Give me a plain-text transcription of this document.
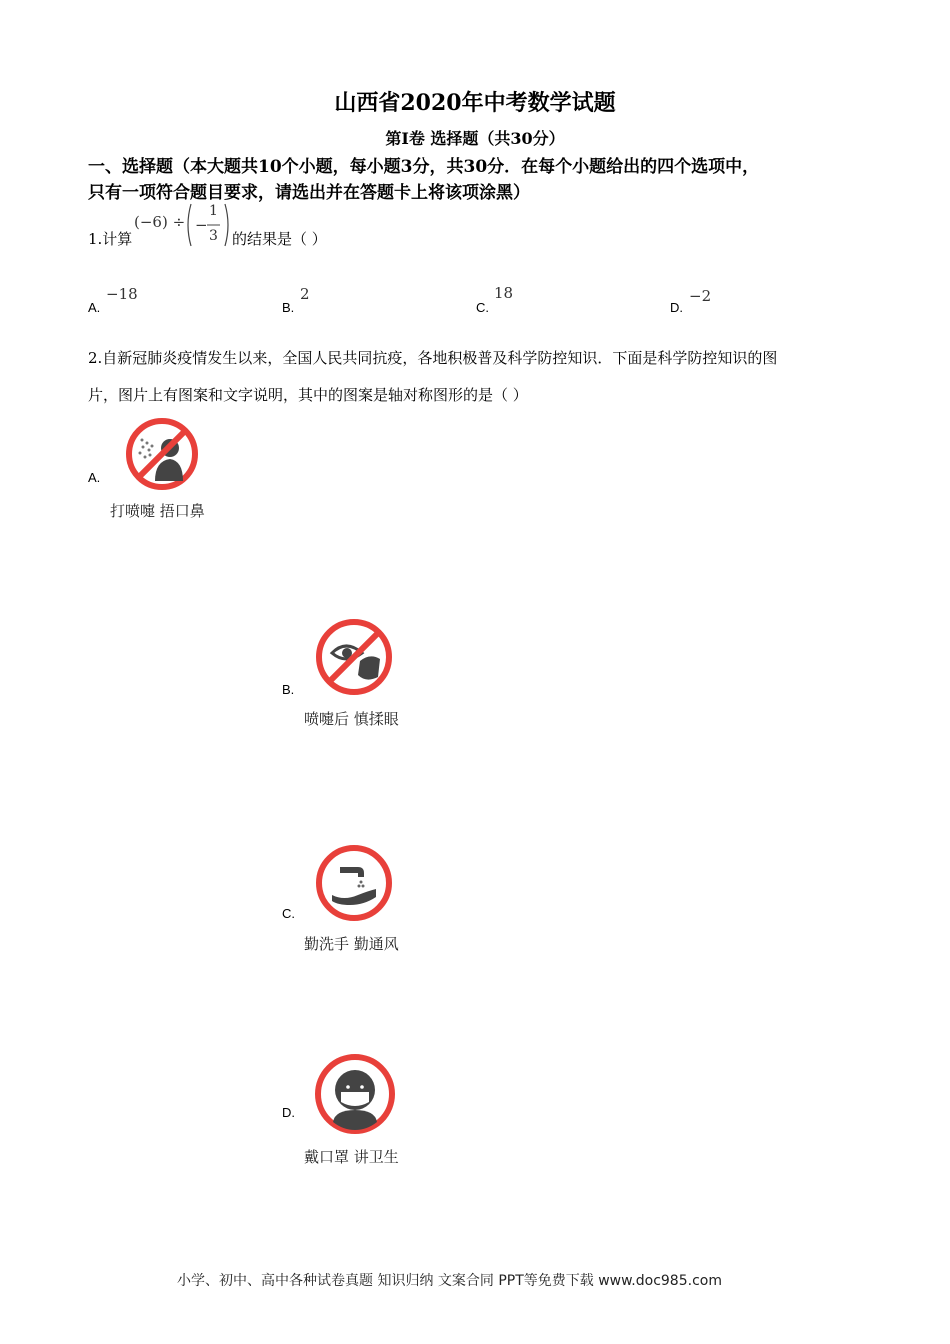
山西省2020年中考数学试题
第I卷 选择题（共30分）
一、选择题（本大题共10个小题，每小题3分，共30分．在每个小题给出的四个选项中，
只有一项符合题目要求，请选出并在答题卡上将该项涂黑）
1.计算
(−6) ÷ −
1
3 的结果是（ ）
A.
−18
B.
2
C.
18
D.
−2
2.自新冠肺炎疫情发生以来，全国人民共同抗疫，各地积极普及科学防控知识．下面是科学防控知识的图
片，图片上有图案和文字说明，其中的图案是轴对称图形的是（ ）
A.
打喷嚏 捂口鼻
B.
喷嚏后 慎揉眼
C.
勤洗手 勤通风
D.
戴口罩 讲卫生
小学、初中、高中各种试卷真题 知识归纳 文案合同 PPT等免费下载 www.doc985.com
